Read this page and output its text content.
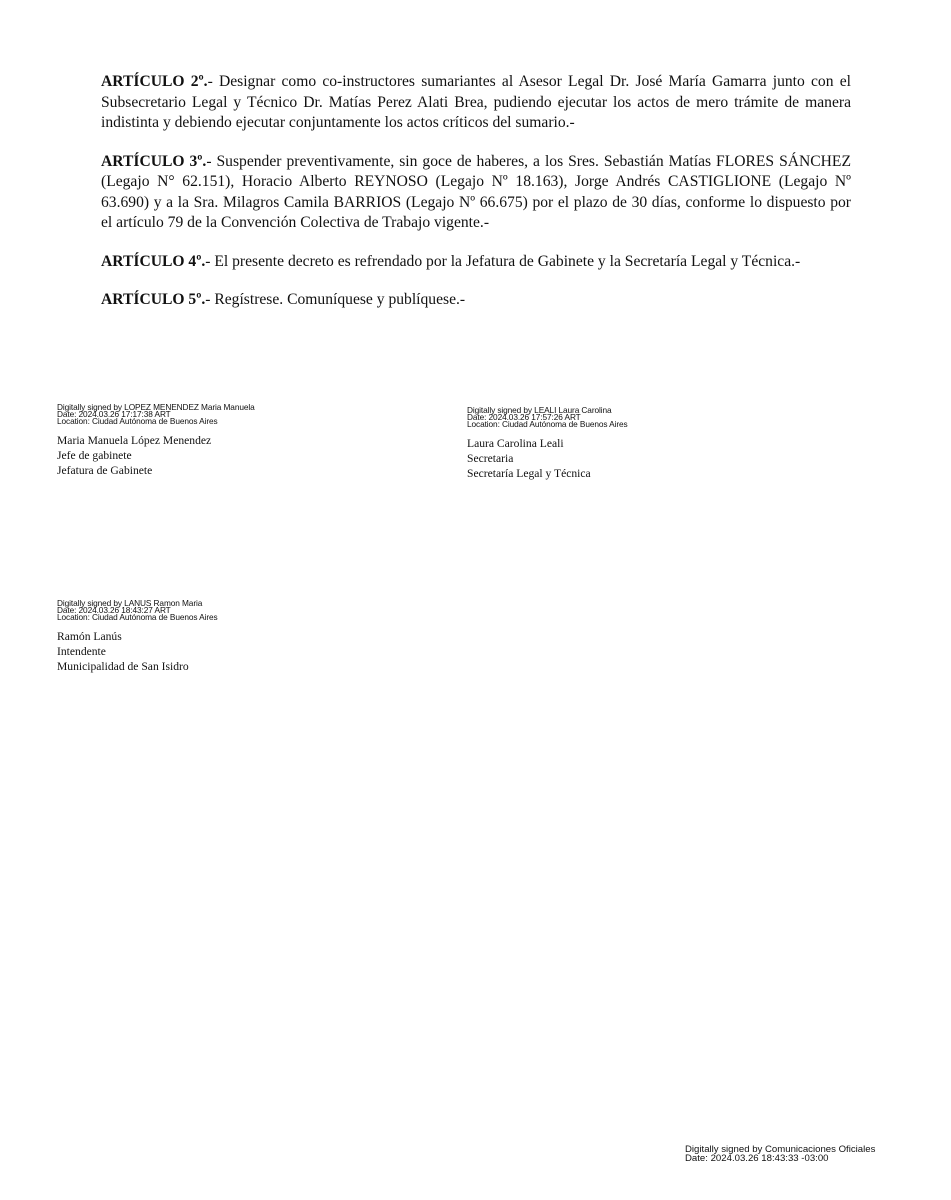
ARTÍCULO 2º.- Designar como co-instructores sumariantes al Asesor Legal Dr. José María Gamarra junto con el Subsecretario Legal y Técnico Dr. Matías Perez Alati Brea, pudiendo ejecutar los actos de mero trámite de manera indistinta y debiendo ejecutar conjuntamente los actos críticos del sumario.-

ARTÍCULO 3º.- Suspender preventivamente, sin goce de haberes, a los Sres. Sebastián Matías FLORES SÁNCHEZ (Legajo N° 62.151), Horacio Alberto REYNOSO (Legajo Nº 18.163), Jorge Andrés CASTIGLIONE (Legajo Nº 63.690) y a la Sra. Milagros Camila BARRIOS (Legajo Nº 66.675) por el plazo de 30 días, conforme lo dispuesto por el artículo 79 de la Convención Colectiva de Trabajo vigente.-

ARTÍCULO 4º.- El presente decreto es refrendado por la Jefatura de Gabinete y la Secretaría Legal y Técnica.-

ARTÍCULO 5º.- Regístrese. Comuníquese y publíquese.-

Digitally signed by LOPEZ MENENDEZ Maria Manuela
Date: 2024.03.26 17:17:38 ART
Location: Ciudad Autónoma de Buenos Aires
Maria Manuela López Menendez
Jefe de gabinete
Jefatura de Gabinete
Digitally signed by LEALI Laura Carolina
Date: 2024.03.26 17:57:26 ART
Location: Ciudad Autónoma de Buenos Aires
Laura Carolina Leali
Secretaria
Secretaría Legal y Técnica
Digitally signed by LANUS Ramon Maria
Date: 2024.03.26 18:43:27 ART
Location: Ciudad Autónoma de Buenos Aires
Ramón Lanús
Intendente
Municipalidad de San Isidro
Digitally signed by Comunicaciones Oficiales
Date: 2024.03.26 18:43:33 -03:00
